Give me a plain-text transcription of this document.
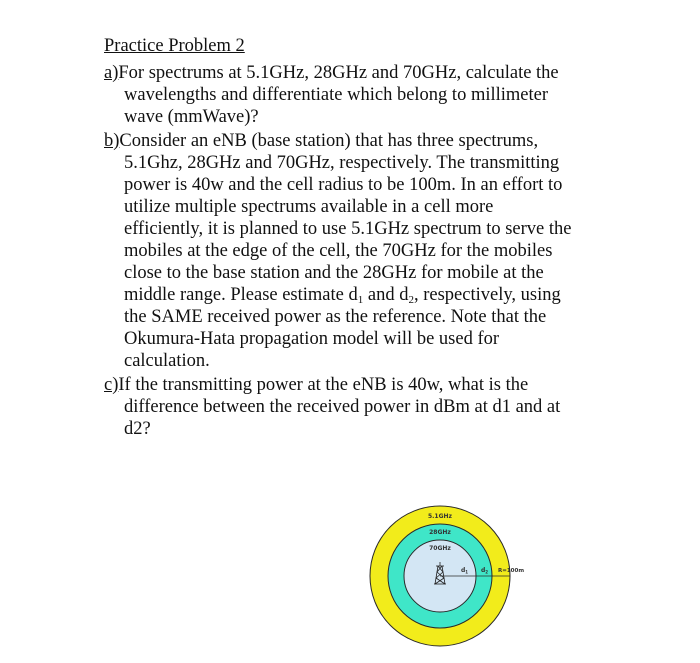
Practice Problem 2
a)For spectrums at 5.1GHz, 28GHz and 70GHz, calculate the
wavelengths and differentiate which belong to millimeter
wave (mmWave)?
b)Consider an eNB (base station) that has three spectrums,
5.1Ghz, 28GHz and 70GHz, respectively. The transmitting
power is 40w and the cell radius to be 100m. In an effort to
utilize multiple spectrums available in a cell more
efficiently, it is planned to use 5.1GHz spectrum to serve the
mobiles at the edge of the cell, the 70GHz for the mobiles
close to the base station and the 28GHz for mobile at the
middle range. Please estimate $d_1$ and $d_2$, respectively, using
the SAME received power as the reference. Note that the
Okumura-Hata propagation model will be used for
calculation.
c)If the transmitting power at the eNB is 40w, what is the
difference between the received power in dBm at d1 and at
d2?
5.1GHz
28GHz
70GHz
$d_1$ $d_2$ R=100m
